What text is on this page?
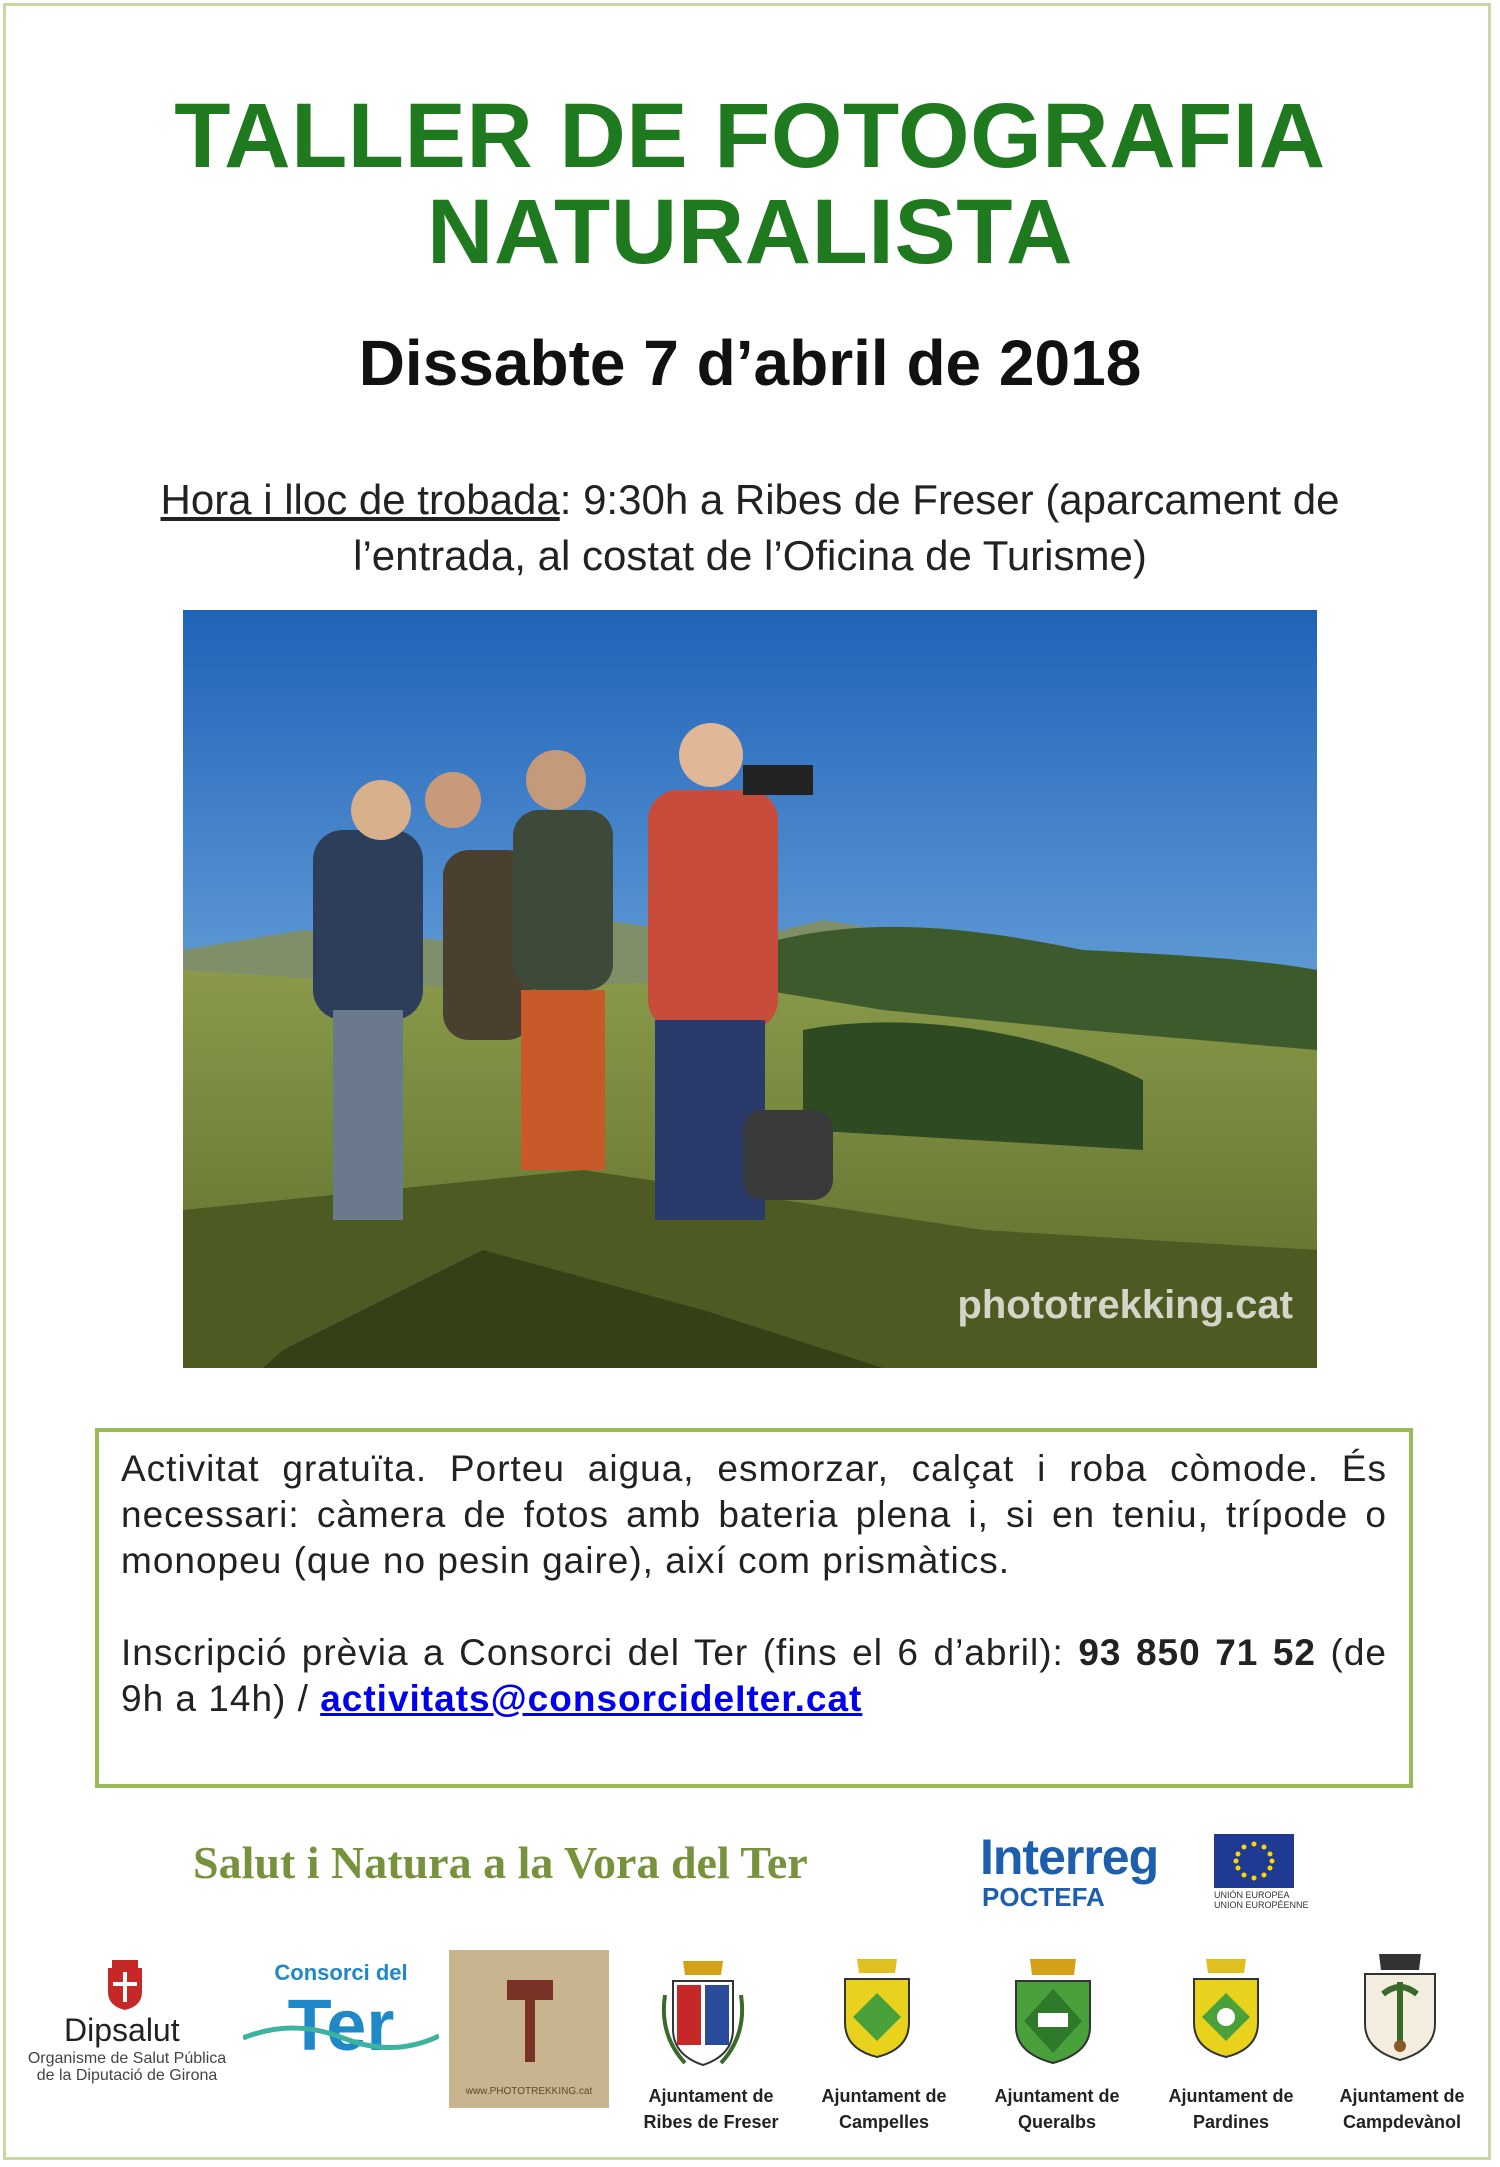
TALLER DE FOTOGRAFIA
NATURALISTA

Dissabte 7 d’abril de 2018

Hora i lloc de trobada: 9:30h a Ribes de Freser (aparcament de l’entrada, al costat de l’Oficina de Turisme)

phototrekking.cat

Activitat gratuïta. Porteu aigua, esmorzar, calçat i roba còmode. És necessari: càmera de fotos amb bateria plena i, si en teniu, trípode o monopeu (que no pesin gaire), així com prismàtics.

Inscripció prèvia a Consorci del Ter (fins el 6 d’abril): 93 850 71 52 (de 9h a 14h) / activitats@consorcideIter.cat

Salut i Natura a la Vora del Ter	Interreg
POCTEFA	UNIÓN EUROPEA
UNION EUROPÉENNE
Dipsalut
Organisme de Salut Pública de la Diputació de Girona
Consorci del
Ter
www.PHOTOTREKKING.cat	Ajuntament de
Ribes de Freser
Ajuntament de
Campelles
Ajuntament de
Queralbs
Ajuntament de
Pardines
Ajuntament de
Campdevànol
